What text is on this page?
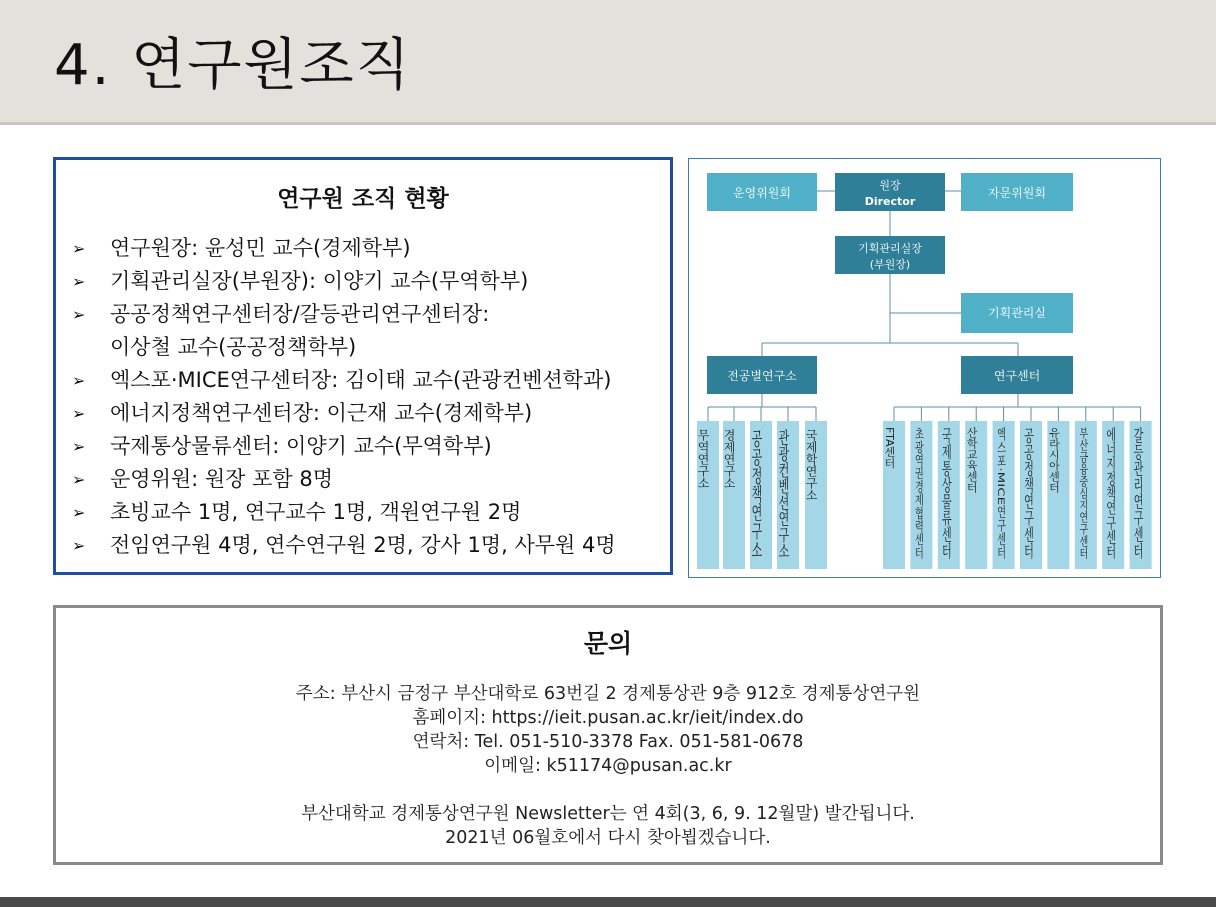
4. 연구원조직
연구원 조직 현황
➢ 연구원장: 윤성민 교수(경제학부)
➢ 기획관리실장(부원장): 이양기 교수(무역학부)
➢ 공공정책연구센터장/갈등관리연구센터장:
이상철 교수(공공정책학부)
➢ 엑스포·MICE연구센터장: 김이태 교수(관광컨벤션학과)
➢ 에너지정책연구센터장: 이근재 교수(경제학부)
➢ 국제통상물류센터: 이양기 교수(무역학부)
➢ 운영위원: 원장 포함 8명
➢ 초빙교수 1명, 연구교수 1명, 객원연구원 2명
➢ 전임연구원 4명, 연수연구원 2명, 강사 1명, 사무원 4명
운영위원회
원장
Director
자문위원회
기획관리실장
(부원장)
기획관리실
전공별연구소	연구센터
무역연구소 경제연구소 공공정책연구소 관광컨벤션연구소 국제학연구소	FTA센터 초광역권경제협력센터 국제통상물류센터 산학교육센터 엑스포·MICE연구센터 공공정책연구센터 유라시아센터 부산금융중심지연구센터 에너지정책연구센터 갈등관리연구센터
문의
주소: 부산시 금정구 부산대학로 63번길 2 경제통상관 9층 912호 경제통상연구원
홈페이지: https://ieit.pusan.ac.kr/ieit/index.do
연락처: Tel. 051-510-3378 Fax. 051-581-0678
이메일: k51174@pusan.ac.kr
부산대학교 경제통상연구원 Newsletter는 연 4회(3, 6, 9. 12월말) 발간됩니다.
2021년 06월호에서 다시 찾아뵙겠습니다.
